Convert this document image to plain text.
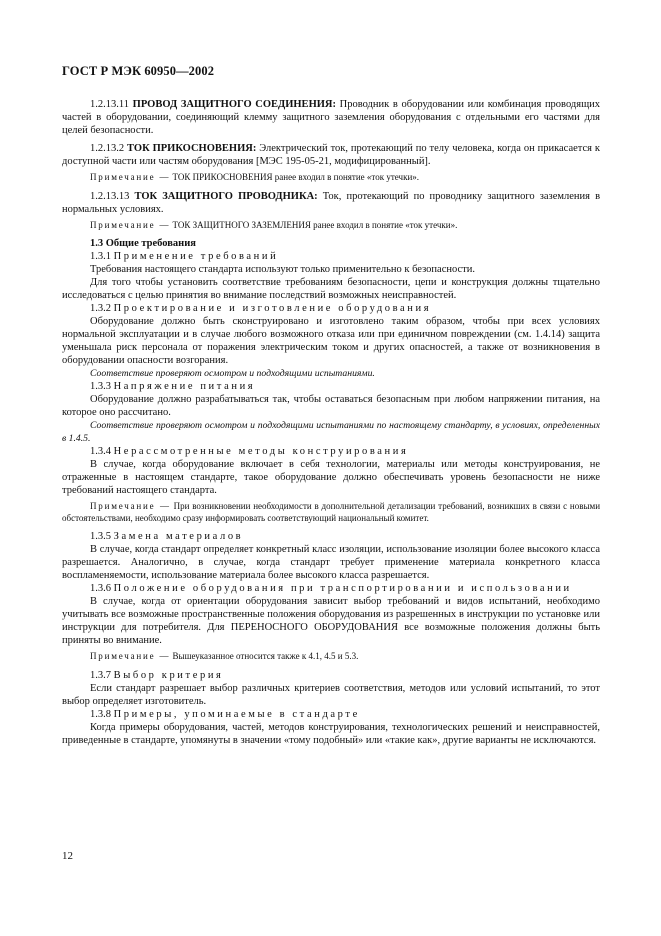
ГОСТ Р МЭК 60950—2002

1.2.13.11 ПРОВОД ЗАЩИТНОГО СОЕДИНЕНИЯ: Проводник в оборудовании или комбинация проводящих частей в оборудовании, соединяющий клемму защитного заземления оборудования с отдельными его частями для целей безопасности.

1.2.13.2 ТОК ПРИКОСНОВЕНИЯ: Электрический ток, протекающий по телу человека, когда он прикасается к доступной части или частям оборудования [МЭС 195-05-21, модифицированный].

Примечание — ТОК ПРИКОСНОВЕНИЯ ранее входил в понятие «ток утечки».

1.2.13.13 ТОК ЗАЩИТНОГО ПРОВОДНИКА: Ток, протекающий по проводнику защитного заземления в нормальных условиях.

Примечание — ТОК ЗАЩИТНОГО ЗАЗЕМЛЕНИЯ ранее входил в понятие «ток утечки».

1.3 Общие требования

1.3.1 Применение требований

Требования настоящего стандарта используют только применительно к безопасности.

Для того чтобы установить соответствие требованиям безопасности, цепи и конструкция должны тщательно исследоваться с целью принятия во внимание последствий возможных неисправностей.

1.3.2 Проектирование и изготовление оборудования

Оборудование должно быть сконструировано и изготовлено таким образом, чтобы при всех условиях нормальной эксплуатации и в случае любого возможного отказа или при единичном повреждении (см. 1.4.14) защита уменьшала риск персонала от поражения электрическим током и других опасностей, а также от возникновения в оборудовании опасности возгорания.

Соответствие проверяют осмотром и подходящими испытаниями.

1.3.3 Напряжение питания

Оборудование должно разрабатываться так, чтобы оставаться безопасным при любом напряжении питания, на которое оно рассчитано.

Соответствие проверяют осмотром и подходящими испытаниями по настоящему стандарту, в условиях, определенных в 1.4.5.

1.3.4 Нерассмотренные методы конструирования

В случае, когда оборудование включает в себя технологии, материалы или методы конструирования, не отраженные в настоящем стандарте, такое оборудование должно обеспечивать уровень безопасности не ниже требований настоящего стандарта.

Примечание — При возникновении необходимости в дополнительной детализации требований, возникших в связи с новыми обстоятельствами, необходимо сразу информировать соответствующий национальный комитет.

1.3.5 Замена материалов

В случае, когда стандарт определяет конкретный класс изоляции, использование изоляции более высокого класса разрешается. Аналогично, в случае, когда стандарт требует применение материала конкретного класса воспламеняемости, использование материала более высокого класса разрешается.

1.3.6 Положение оборудования при транспортировании и использовании

В случае, когда от ориентации оборудования зависит выбор требований и видов испытаний, необходимо учитывать все возможные пространственные положения оборудования из разрешенных в инструкции по установке или инструкции для потребителя. Для ПЕРЕНОСНОГО ОБОРУДОВАНИЯ все возможные положения должны быть приняты во внимание.

Примечание — Вышеуказанное относится также к 4.1, 4.5 и 5.3.

1.3.7 Выбор критерия

Если стандарт разрешает выбор различных критериев соответствия, методов или условий испытаний, то этот выбор определяет изготовитель.

1.3.8 Примеры, упоминаемые в стандарте

Когда примеры оборудования, частей, методов конструирования, технологических решений и неисправностей, приведенные в стандарте, упомянуты в значении «тому подобный» или «такие как», другие варианты не исключаются.

12
